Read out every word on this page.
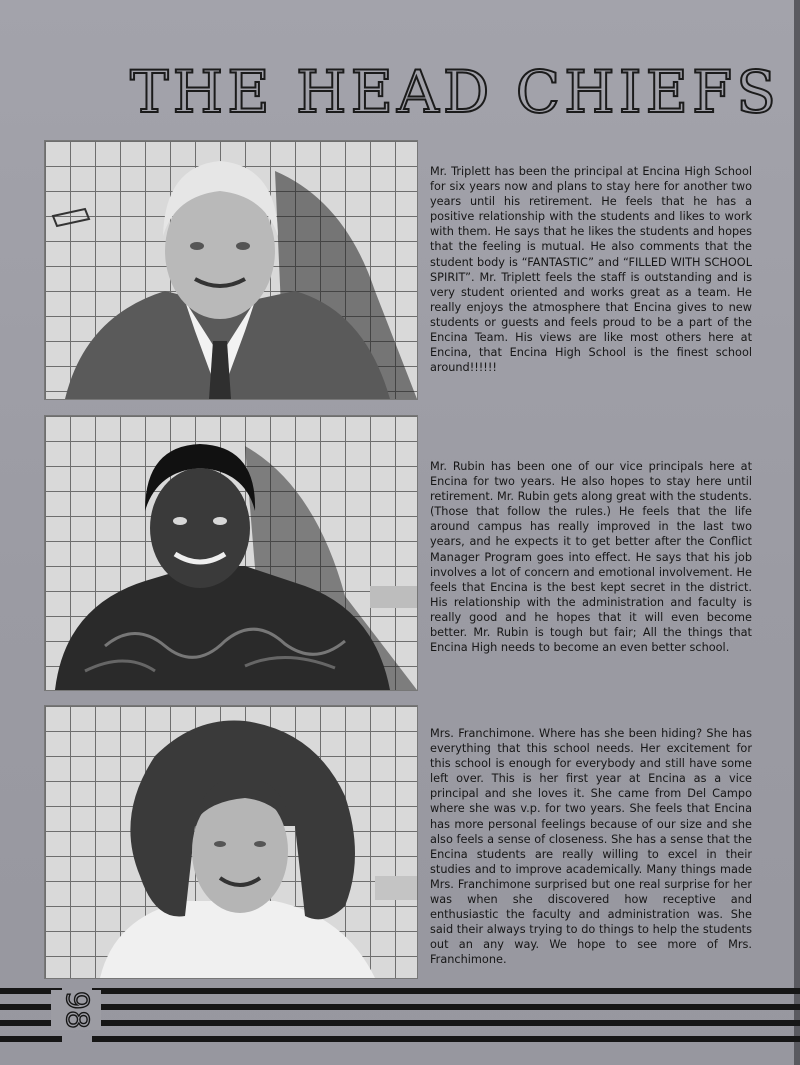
THE HEAD CHIEFS

Mr. Triplett has been the principal at Encina High School for six years now and plans to stay here for another two years until his retirement. He feels that he has a positive relationship with the students and likes to work with them. He says that he likes the students and hopes that the feeling is mutual. He also comments that the student body is “FANTASTIC” and “FILLED WITH SCHOOL SPIRIT”. Mr. Triplett feels the staff is outstanding and is very student oriented and works great as a team. He really enjoys the atmosphere that Encina gives to new students or guests and feels proud to be a part of the Encina Team. His views are like most others here at Encina, that Encina High School is the finest school around!!!!!!

Mr. Rubin has been one of our vice principals here at Encina for two years. He also hopes to stay here until retirement. Mr. Rubin gets along great with the students. (Those that follow the rules.) He feels that the life around campus has really improved in the last two years, and he expects it to get better after the Conflict Manager Program goes into effect. He says that his job involves a lot of concern and emotional involvement. He feels that Encina is the best kept secret in the district. His relationship with the administration and faculty is really good and he hopes that it will even become better. Mr. Rubin is tough but fair; All the things that Encina High needs to become an even better school.

Mrs. Franchimone. Where has she been hiding? She has everything that this school needs. Her excitement for this school is enough for everybody and still have some left over. This is her first year at Encina as a vice principal and she loves it. She came from Del Campo where she was v.p. for two years. She feels that Encina has more personal feelings because of our size and she also feels a sense of closeness. She has a sense that the Encina students are really willing to excel in their studies and to improve academically. Many things made Mrs. Franchimone surprised but one real surprise for her was when she discovered how receptive and enthusiastic the faculty and administration was. She said their always trying to do things to help the students out an any way. We hope to see more of Mrs. Franchimone.

98
